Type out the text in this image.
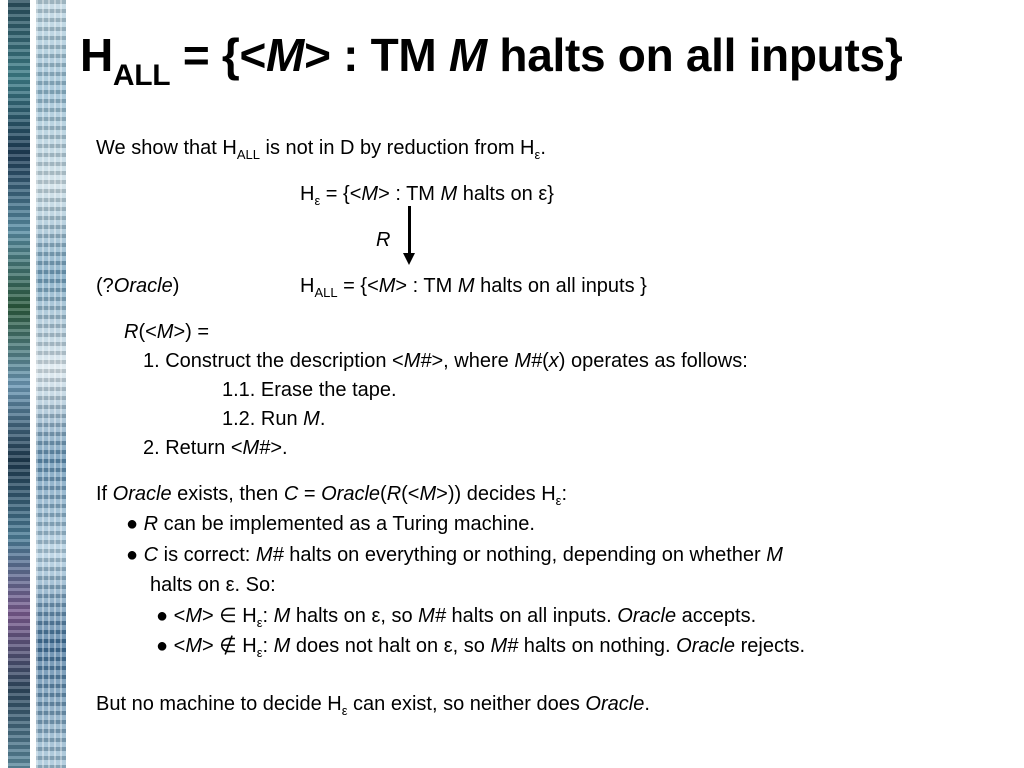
$H_{ALL} = \{<M>$ : TM M halts on all inputs}
We show that $H_{ALL}$ is not in D by reduction from $H_\varepsilon$.
$H_\varepsilon = \{<M>$ : TM M halts on ε}
R
(?Oracle)	$H_{ALL} = \{<M>$ : TM M halts on all inputs }
R(<M>) =
1. Construct the description <M#>, where M#(x) operates as follows:
1.1. Erase the tape.
1.2. Run M.
2. Return <M#>.
If Oracle exists, then C = Oracle(R(<M>)) decides $H_\varepsilon$:
● R can be implemented as a Turing machine.
● C is correct: M# halts on everything or nothing, depending on whether M
halts on ε. So:
● <M> ∈ $H_\varepsilon$: M halts on ε, so M# halts on all inputs. Oracle accepts.
● <M> ∉ $H_\varepsilon$: M does not halt on ε, so M# halts on nothing. Oracle rejects.
But no machine to decide $H_\varepsilon$ can exist, so neither does Oracle.
